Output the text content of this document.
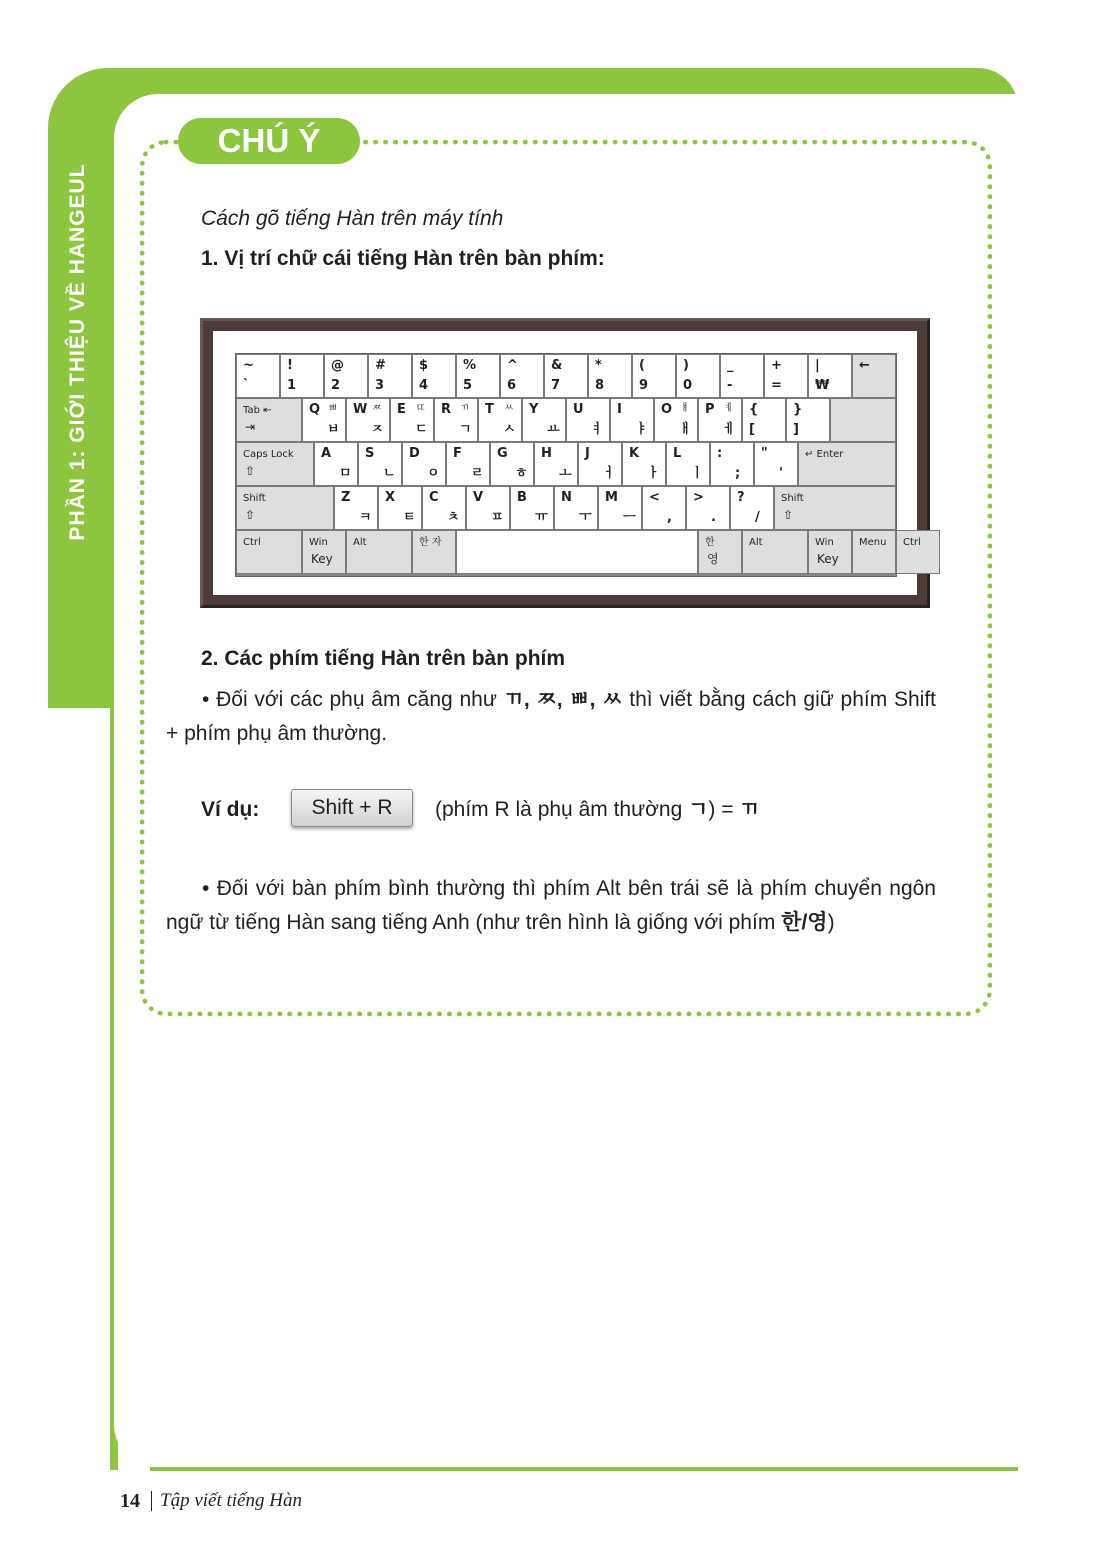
PHẦN 1: GIỚI THIỆU VỀ HANGEUL
CHÚ Ý
Cách gõ tiếng Hàn trên máy tính
1. Vị trí chữ cái tiếng Hàn trên bàn phím:
~
`
!
1
@
2
#
3
$
4
%
5
^
6
&
7
*
8
(
9
)
0
_
-
+
=
|
₩
←
Tab ⇤
⇥
Q ㅃ
ㅂ
W ㅉ
ㅈ
E ㄸ
ㄷ
R ㄲ
ㄱ
T ㅆ
ㅅ
Y
ㅛ
U
ㅕ
I
ㅑ
O ㅒ
ㅐ
P ㅖ
ㅔ
{
[
}
]
Caps Lock
⇧
A
ㅁ
S
ㄴ
D
ㅇ
F
ㄹ
G
ㅎ
H
ㅗ
J
ㅓ
K
ㅏ
L
ㅣ
:
;
"
'
↵ Enter
Shift
⇧
Z
ㅋ
X
ㅌ
C
ㅊ
V
ㅍ
B
ㅠ
N
ㅜ
M
ㅡ
<
,
>
.
?
/
Shift
⇧
Ctrl	Win
Key
Alt	한 자	한
영
Alt	Win
Key
Menu Ctrl
2. Các phím tiếng Hàn trên bàn phím
• Đối với các phụ âm căng như ㄲ, ㅉ, ㅃ, ㅆ thì viết bằng cách giữ phím Shift + phím phụ âm thường.
Ví dụ:	Shift + R	(phím R là phụ âm thường ㄱ) = ㄲ
• Đối với bàn phím bình thường thì phím Alt bên trái sẽ là phím chuyển ngôn ngữ từ tiếng Hàn sang tiếng Anh (như trên hình là giống với phím 한/영)
14 Tập viết tiếng Hàn
